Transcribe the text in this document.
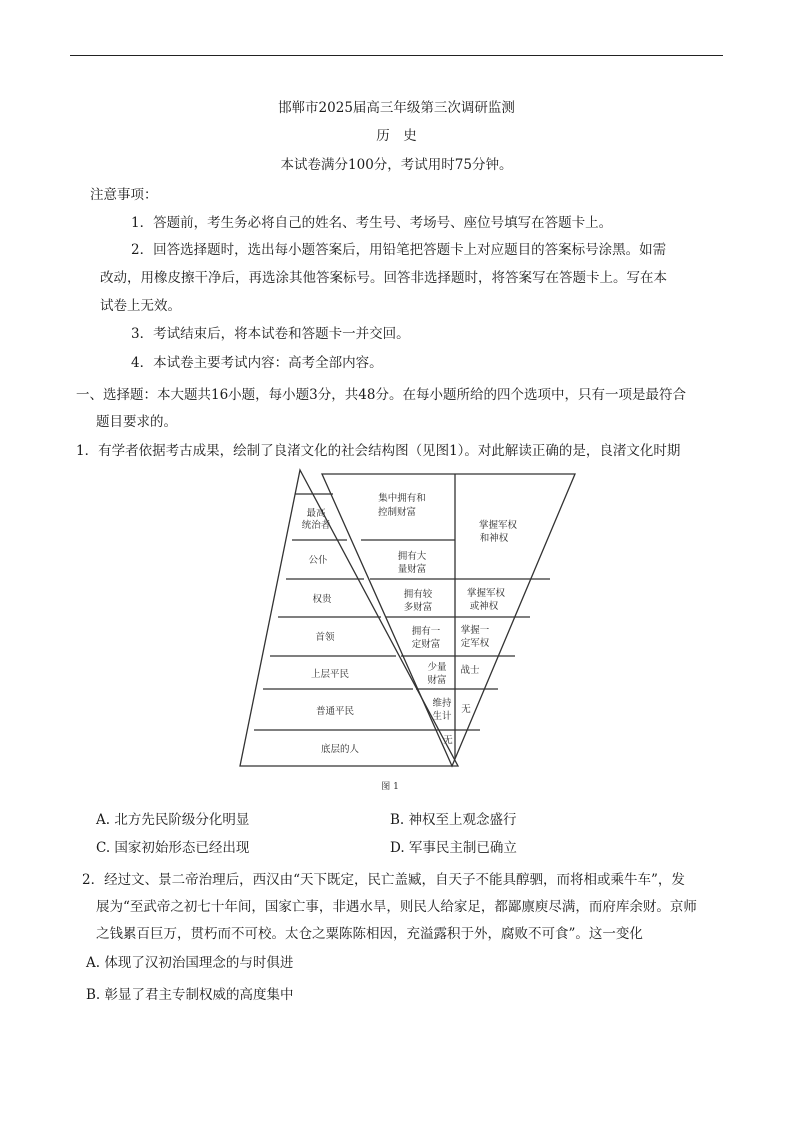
邯郸市2025届高三年级第三次调研监测
历　史
本试卷满分100分，考试用时75分钟。
注意事项：
1．答题前，考生务必将自己的姓名、考生号、考场号、座位号填写在答题卡上。
2．回答选择题时，选出每小题答案后，用铅笔把答题卡上对应题目的答案标号涂黑。如需
改动，用橡皮擦干净后，再选涂其他答案标号。回答非选择题时，将答案写在答题卡上。写在本
试卷上无效。
3．考试结束后，将本试卷和答题卡一并交回。
4．本试卷主要考试内容：高考全部内容。
一、选择题：本大题共16小题，每小题3分，共48分。在每小题所给的四个选项中，只有一项是最符合
题目要求的。
1．有学者依据考古成果，绘制了良渚文化的社会结构图（见图1）。对此解读正确的是，良渚文化时期
最高
统治者
公仆
权贵
首领
上层平民
普通平民
底层的人
集中拥有和
控制财富
拥有大
量财富
拥有较
多财富
拥有一
定财富
少量
财富
维持
生计
无
掌握军权
和神权
掌握军权
或神权
掌握一
定军权
战士
无
图 1
A. 北方先民阶级分化明显	B. 神权至上观念盛行
C. 国家初始形态已经出现	D. 军事民主制已确立
2．经过文、景二帝治理后，西汉由“天下既定，民亡盖臧，自天子不能具醇驷，而将相或乘牛车”，发
展为“至武帝之初七十年间，国家亡事，非遇水旱，则民人给家足，都鄙廪庾尽满，而府库余财。京师
之钱累百巨万，贯朽而不可校。太仓之粟陈陈相因，充溢露积于外，腐败不可食”。这一变化
A. 体现了汉初治国理念的与时俱进
B. 彰显了君主专制权威的高度集中
